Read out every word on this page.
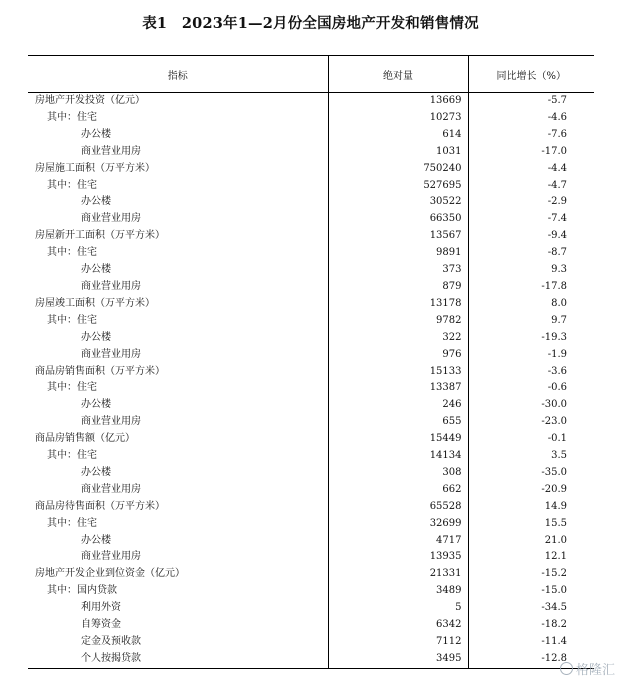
表1　2023年1—2月份全国房地产开发和销售情况
指标	绝对量	同比增长（%）
房地产开发投资（亿元）	13669	-5.7
其中：住宅	10273	-4.6
办公楼	614	-7.6
商业营业用房	1031	-17.0
房屋施工面积（万平方米）	750240	-4.4
其中：住宅	527695	-4.7
办公楼	30522	-2.9
商业营业用房	66350	-7.4
房屋新开工面积（万平方米）	13567	-9.4
其中：住宅	9891	-8.7
办公楼	373	9.3
商业营业用房	879	-17.8
房屋竣工面积（万平方米）	13178	8.0
其中：住宅	9782	9.7
办公楼	322	-19.3
商业营业用房	976	-1.9
商品房销售面积（万平方米）	15133	-3.6
其中：住宅	13387	-0.6
办公楼	246	-30.0
商业营业用房	655	-23.0
商品房销售额（亿元）	15449	-0.1
其中：住宅	14134	3.5
办公楼	308	-35.0
商业营业用房	662	-20.9
商品房待售面积（万平方米）	65528	14.9
其中：住宅	32699	15.5
办公楼	4717	21.0
商业营业用房	13935	12.1
房地产开发企业到位资金（亿元）	21331	-15.2
其中：国内贷款	3489	-15.0
利用外资	5	-34.5
自筹资金	6342	-18.2
定金及预收款	7112	-11.4
个人按揭贷款	3495	-12.8
格隆汇
